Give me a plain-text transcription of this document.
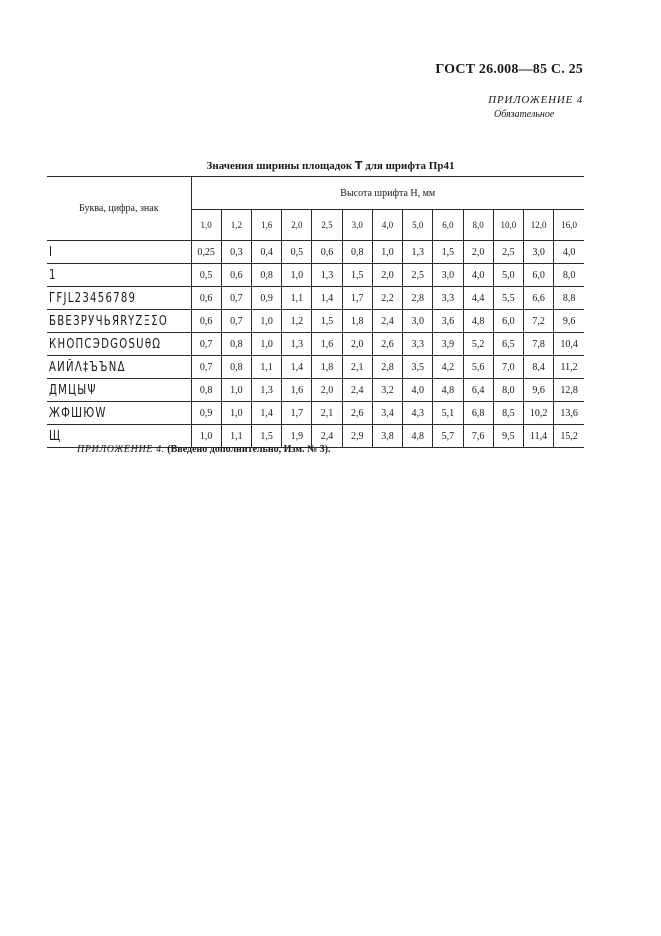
ГОСТ 26.008—85 С. 25
ПРИЛОЖЕНИЕ 4
Обязательное
Значения ширины площадок T для шрифта Пр41
Буква, цифра, знак	Высота шрифта H, мм												
	1,0	1,2	1,6	2,0	2,5	3,0	4,0	5,0	6,0	8,0	10,0	12,0	16,0
I	0,25	0,3	0,4	0,5	0,6	0,8	1,0	1,3	1,5	2,0	2,5	3,0	4,0
1	0,5	0,6	0,8	1,0	1,3	1,5	2,0	2,5	3,0	4,0	5,0	6,0	8,0
ГFJL23456789	0,6	0,7	0,9	1,1	1,4	1,7	2,2	2,8	3,3	4,4	5,5	6,6	8,8
БВЕЗРУЧЬЯRYZΞΣΟ	0,6	0,7	1,0	1,2	1,5	1,8	2,4	3,0	3,6	4,8	6,0	7,2	9,6
КНОПСЭDGOSUθΩ	0,7	0,8	1,0	1,3	1,6	2,0	2,6	3,3	3,9	5,2	6,5	7,8	10,4
АИЙΛ‡ЪЪNΔ	0,7	0,8	1,1	1,4	1,8	2,1	2,8	3,5	4,2	5,6	7,0	8,4	11,2
ДМЦЫΨ	0,8	1,0	1,3	1,6	2,0	2,4	3,2	4,0	4,8	6,4	8,0	9,6	12,8
ЖФШЮW	0,9	1,0	1,4	1,7	2,1	2,6	3,4	4,3	5,1	6,8	8,5	10,2	13,6
Щ	1,0	1,1	1,5	1,9	2,4	2,9	3,8	4,8	5,7	7,6	9,5	11,4	15,2
ПРИЛОЖЕНИЕ 4. (Введено дополнительно, Изм. № 3).
